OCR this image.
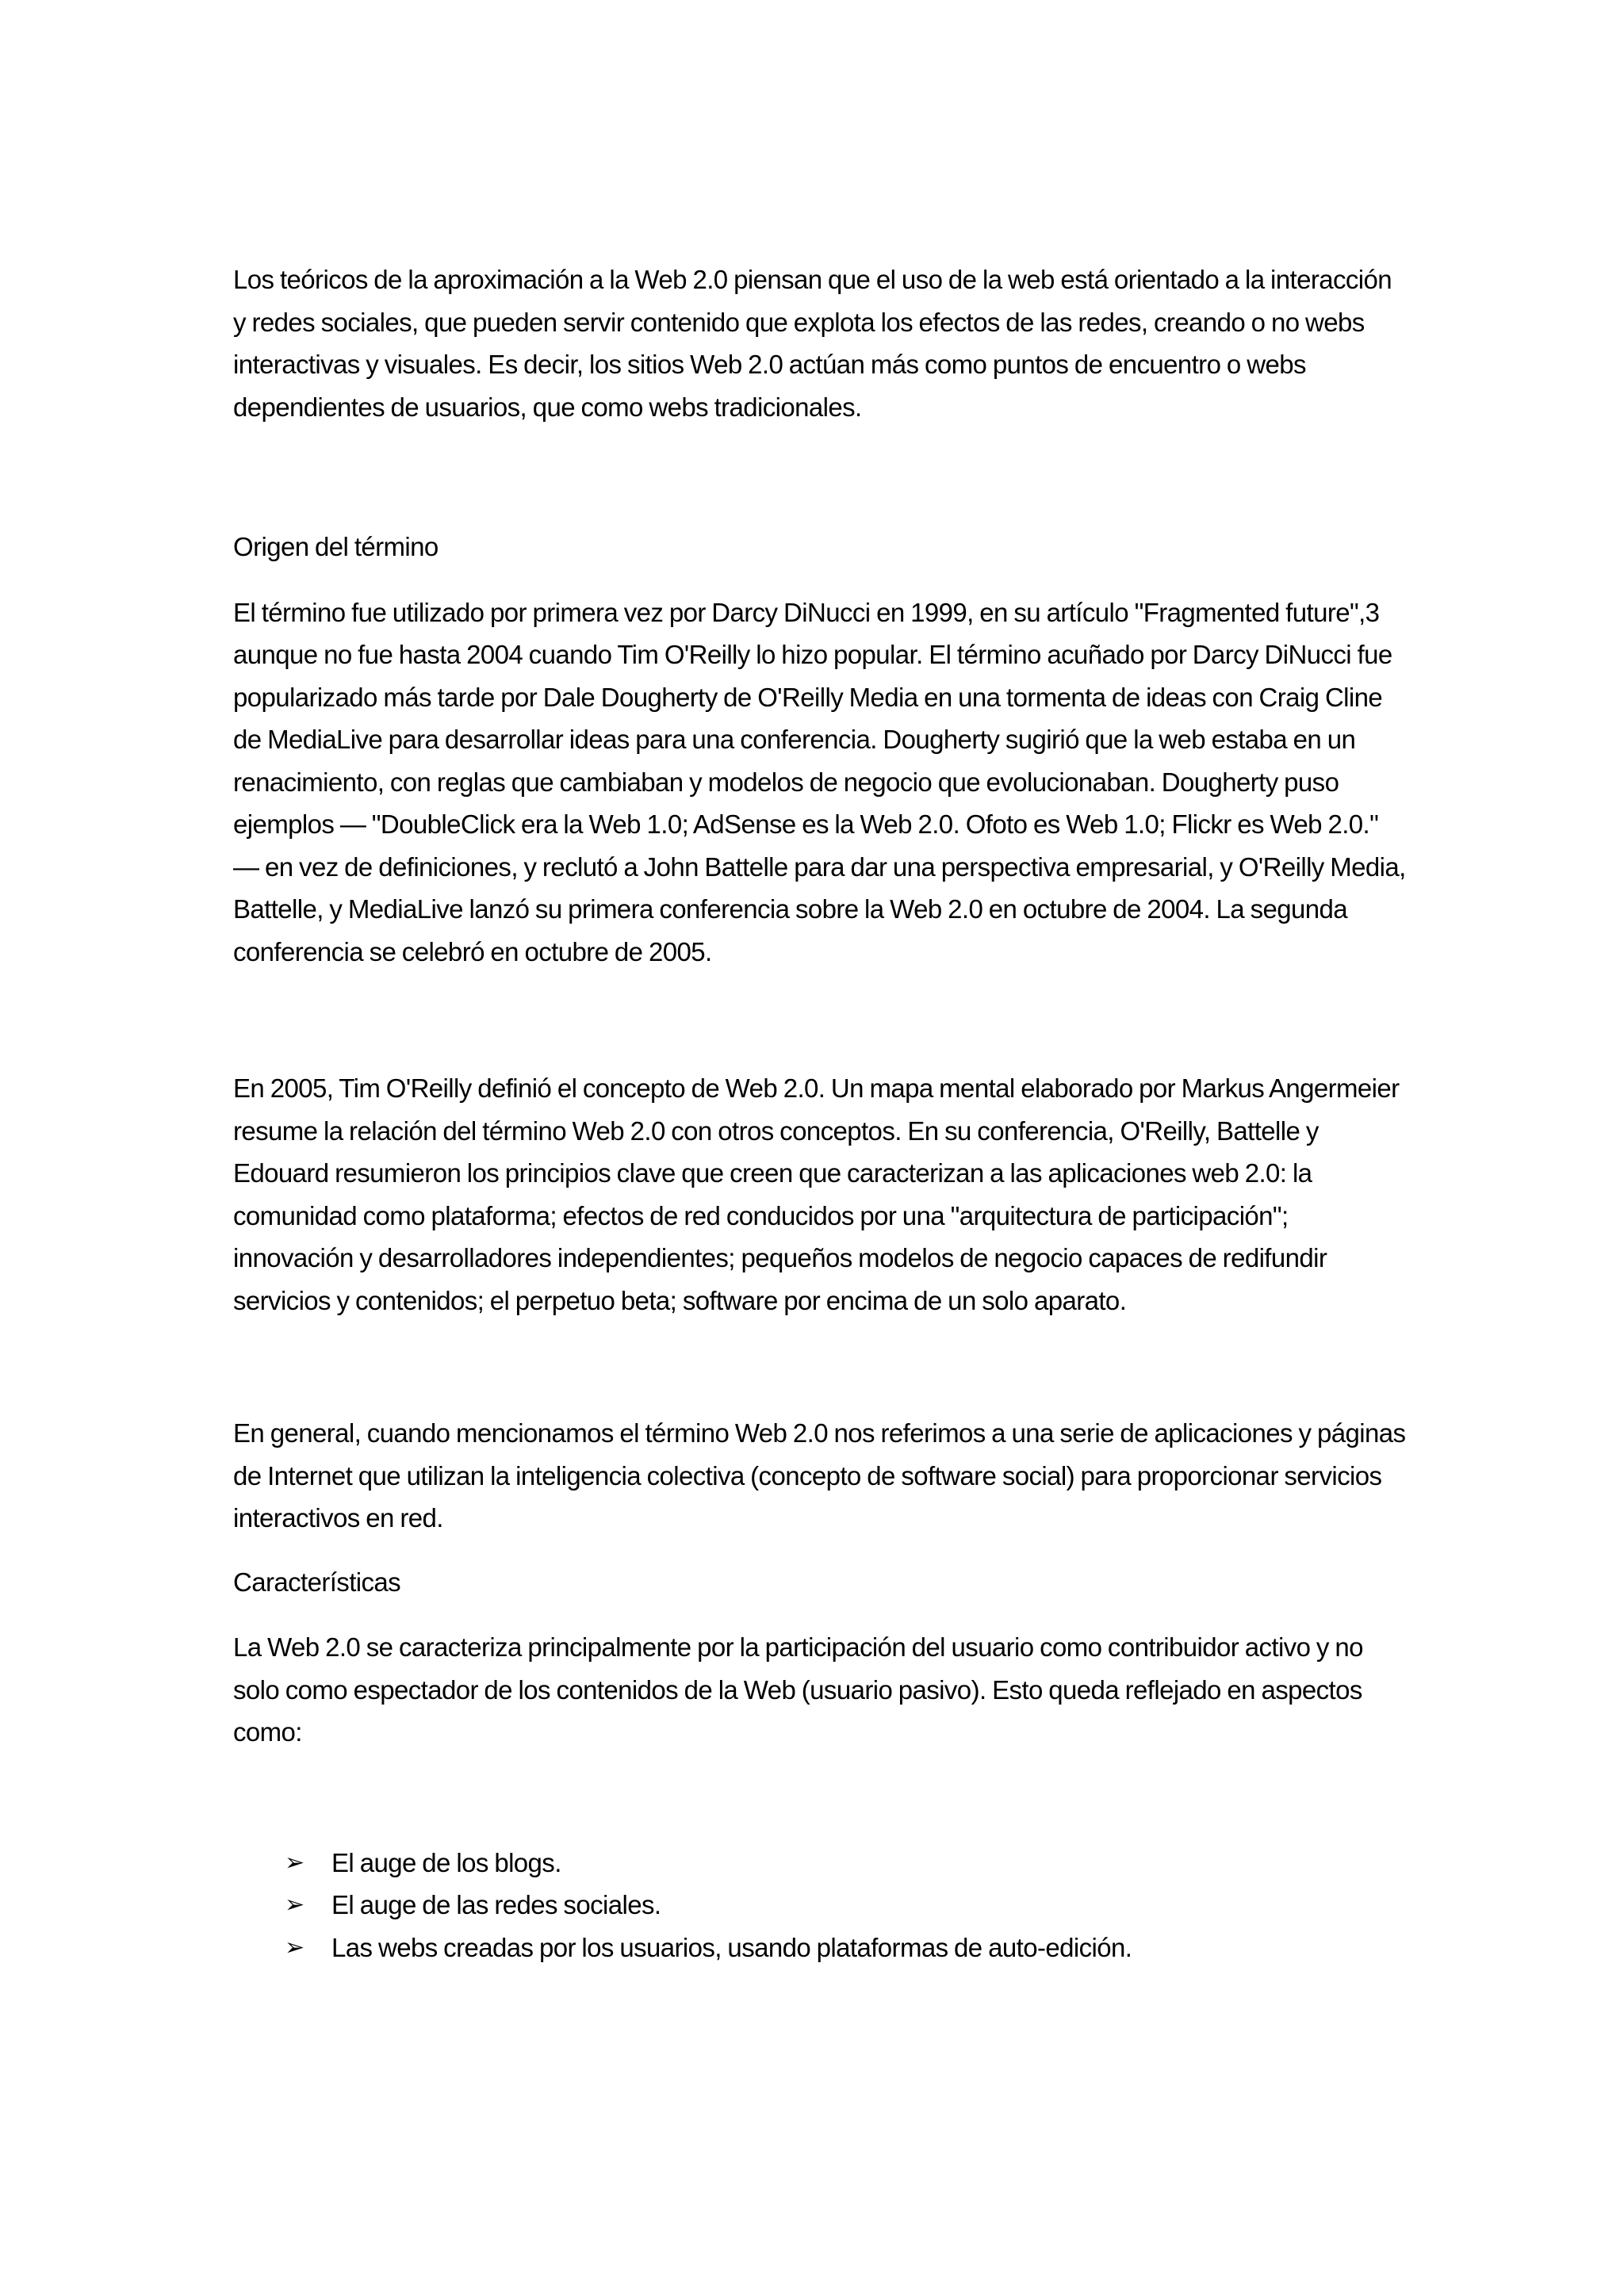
Los teóricos de la aproximación a la Web 2.0 piensan que el uso de la web está orientado a la interacción y redes sociales, que pueden servir contenido que explota los efectos de las redes, creando o no webs interactivas y visuales. Es decir, los sitios Web 2.0 actúan más como puntos de encuentro o webs dependientes de usuarios, que como webs tradicionales.

Origen del término

El término fue utilizado por primera vez por Darcy DiNucci en 1999, en su artículo "Fragmented future",3 aunque no fue hasta 2004 cuando Tim O'Reilly lo hizo popular. El término acuñado por Darcy DiNucci fue popularizado más tarde por Dale Dougherty de O'Reilly Media en una tormenta de ideas con Craig Cline de MediaLive para desarrollar ideas para una conferencia. Dougherty sugirió que la web estaba en un renacimiento, con reglas que cambiaban y modelos de negocio que evolucionaban. Dougherty puso ejemplos — "DoubleClick era la Web 1.0; AdSense es la Web 2.0. Ofoto es Web 1.0; Flickr es Web 2.0." — en vez de definiciones, y reclutó a John Battelle para dar una perspectiva empresarial, y O'Reilly Media, Battelle, y MediaLive lanzó su primera conferencia sobre la Web 2.0 en octubre de 2004. La segunda conferencia se celebró en octubre de 2005.

En 2005, Tim O'Reilly definió el concepto de Web 2.0. Un mapa mental elaborado por Markus Angermeier resume la relación del término Web 2.0 con otros conceptos. En su conferencia, O'Reilly, Battelle y Edouard resumieron los principios clave que creen que caracterizan a las aplicaciones web 2.0: la comunidad como plataforma; efectos de red conducidos por una "arquitectura de participación"; innovación y desarrolladores independientes; pequeños modelos de negocio capaces de redifundir servicios y contenidos; el perpetuo beta; software por encima de un solo aparato.

En general, cuando mencionamos el término Web 2.0 nos referimos a una serie de aplicaciones y páginas de Internet que utilizan la inteligencia colectiva (concepto de software social) para proporcionar servicios interactivos en red.

Características

La Web 2.0 se caracteriza principalmente por la participación del usuario como contribuidor activo y no solo como espectador de los contenidos de la Web (usuario pasivo). Esto queda reflejado en aspectos como:

➢	El auge de los blogs.
➢	El auge de las redes sociales.
➢	Las webs creadas por los usuarios, usando plataformas de auto-edición.
